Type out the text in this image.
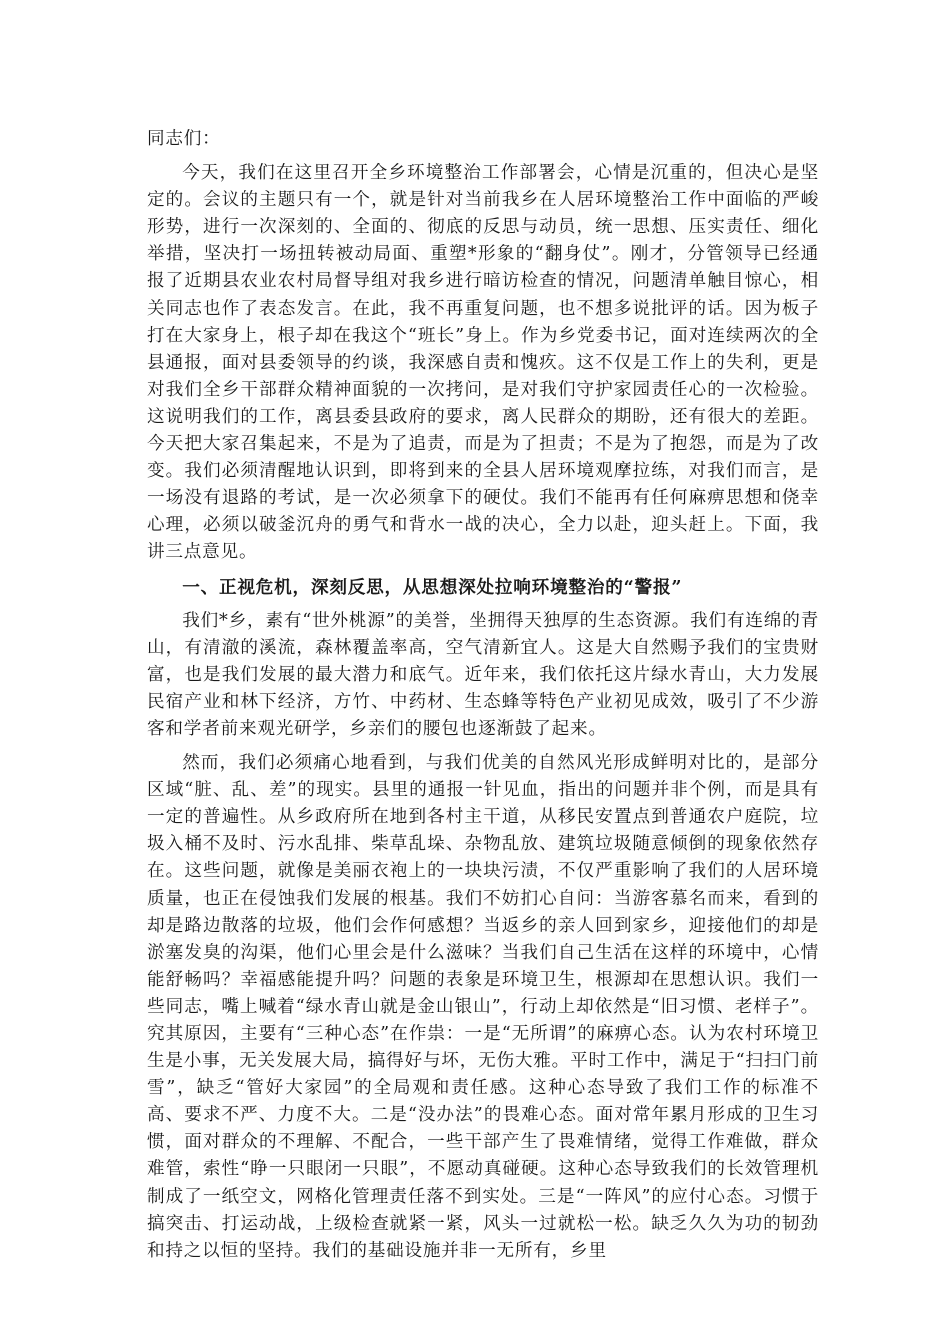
同志们：

今天，我们在这里召开全乡环境整治工作部署会，心情是沉重的，但决心是坚定的。会议的主题只有一个，就是针对当前我乡在人居环境整治工作中面临的严峻形势，进行一次深刻的、全面的、彻底的反思与动员，统一思想、压实责任、细化举措，坚决打一场扭转被动局面、重塑*形象的“翻身仗”。刚才，分管领导已经通报了近期县农业农村局督导组对我乡进行暗访检查的情况，问题清单触目惊心，相关同志也作了表态发言。在此，我不再重复问题，也不想多说批评的话。因为板子打在大家身上，根子却在我这个“班长”身上。作为乡党委书记，面对连续两次的全县通报，面对县委领导的约谈，我深感自责和愧疚。这不仅是工作上的失利，更是对我们全乡干部群众精神面貌的一次拷问，是对我们守护家园责任心的一次检验。这说明我们的工作，离县委县政府的要求，离人民群众的期盼，还有很大的差距。今天把大家召集起来，不是为了追责，而是为了担责；不是为了抱怨，而是为了改变。我们必须清醒地认识到，即将到来的全县人居环境观摩拉练，对我们而言，是一场没有退路的考试，是一次必须拿下的硬仗。我们不能再有任何麻痹思想和侥幸心理，必须以破釜沉舟的勇气和背水一战的决心，全力以赴，迎头赶上。下面，我讲三点意见。

一、正视危机，深刻反思，从思想深处拉响环境整治的“警报”

我们*乡，素有“世外桃源”的美誉，坐拥得天独厚的生态资源。我们有连绵的青山，有清澈的溪流，森林覆盖率高，空气清新宜人。这是大自然赐予我们的宝贵财富，也是我们发展的最大潜力和底气。近年来，我们依托这片绿水青山，大力发展民宿产业和林下经济，方竹、中药材、生态蜂等特色产业初见成效，吸引了不少游客和学者前来观光研学，乡亲们的腰包也逐渐鼓了起来。

然而，我们必须痛心地看到，与我们优美的自然风光形成鲜明对比的，是部分区域“脏、乱、差”的现实。县里的通报一针见血，指出的问题并非个例，而是具有一定的普遍性。从乡政府所在地到各村主干道，从移民安置点到普通农户庭院，垃圾入桶不及时、污水乱排、柴草乱垛、杂物乱放、建筑垃圾随意倾倒的现象依然存在。这些问题，就像是美丽衣袍上的一块块污渍，不仅严重影响了我们的人居环境质量，也正在侵蚀我们发展的根基。我们不妨扪心自问：当游客慕名而来，看到的却是路边散落的垃圾，他们会作何感想？当返乡的亲人回到家乡，迎接他们的却是淤塞发臭的沟渠，他们心里会是什么滋味？当我们自己生活在这样的环境中，心情能舒畅吗？幸福感能提升吗？问题的表象是环境卫生，根源却在思想认识。我们一些同志，嘴上喊着“绿水青山就是金山银山”，行动上却依然是“旧习惯、老样子”。究其原因，主要有“三种心态”在作祟：一是“无所谓”的麻痹心态。认为农村环境卫生是小事，无关发展大局，搞得好与坏，无伤大雅。平时工作中，满足于“扫扫门前雪”，缺乏“管好大家园”的全局观和责任感。这种心态导致了我们工作的标准不高、要求不严、力度不大。二是“没办法”的畏难心态。面对常年累月形成的卫生习惯，面对群众的不理解、不配合，一些干部产生了畏难情绪，觉得工作难做，群众难管，索性“睁一只眼闭一只眼”，不愿动真碰硬。这种心态导致我们的长效管理机制成了一纸空文，网格化管理责任落不到实处。三是“一阵风”的应付心态。习惯于搞突击、打运动战，上级检查就紧一紧，风头一过就松一松。缺乏久久为功的韧劲和持之以恒的坚持。我们的基础设施并非一无所有，乡里
